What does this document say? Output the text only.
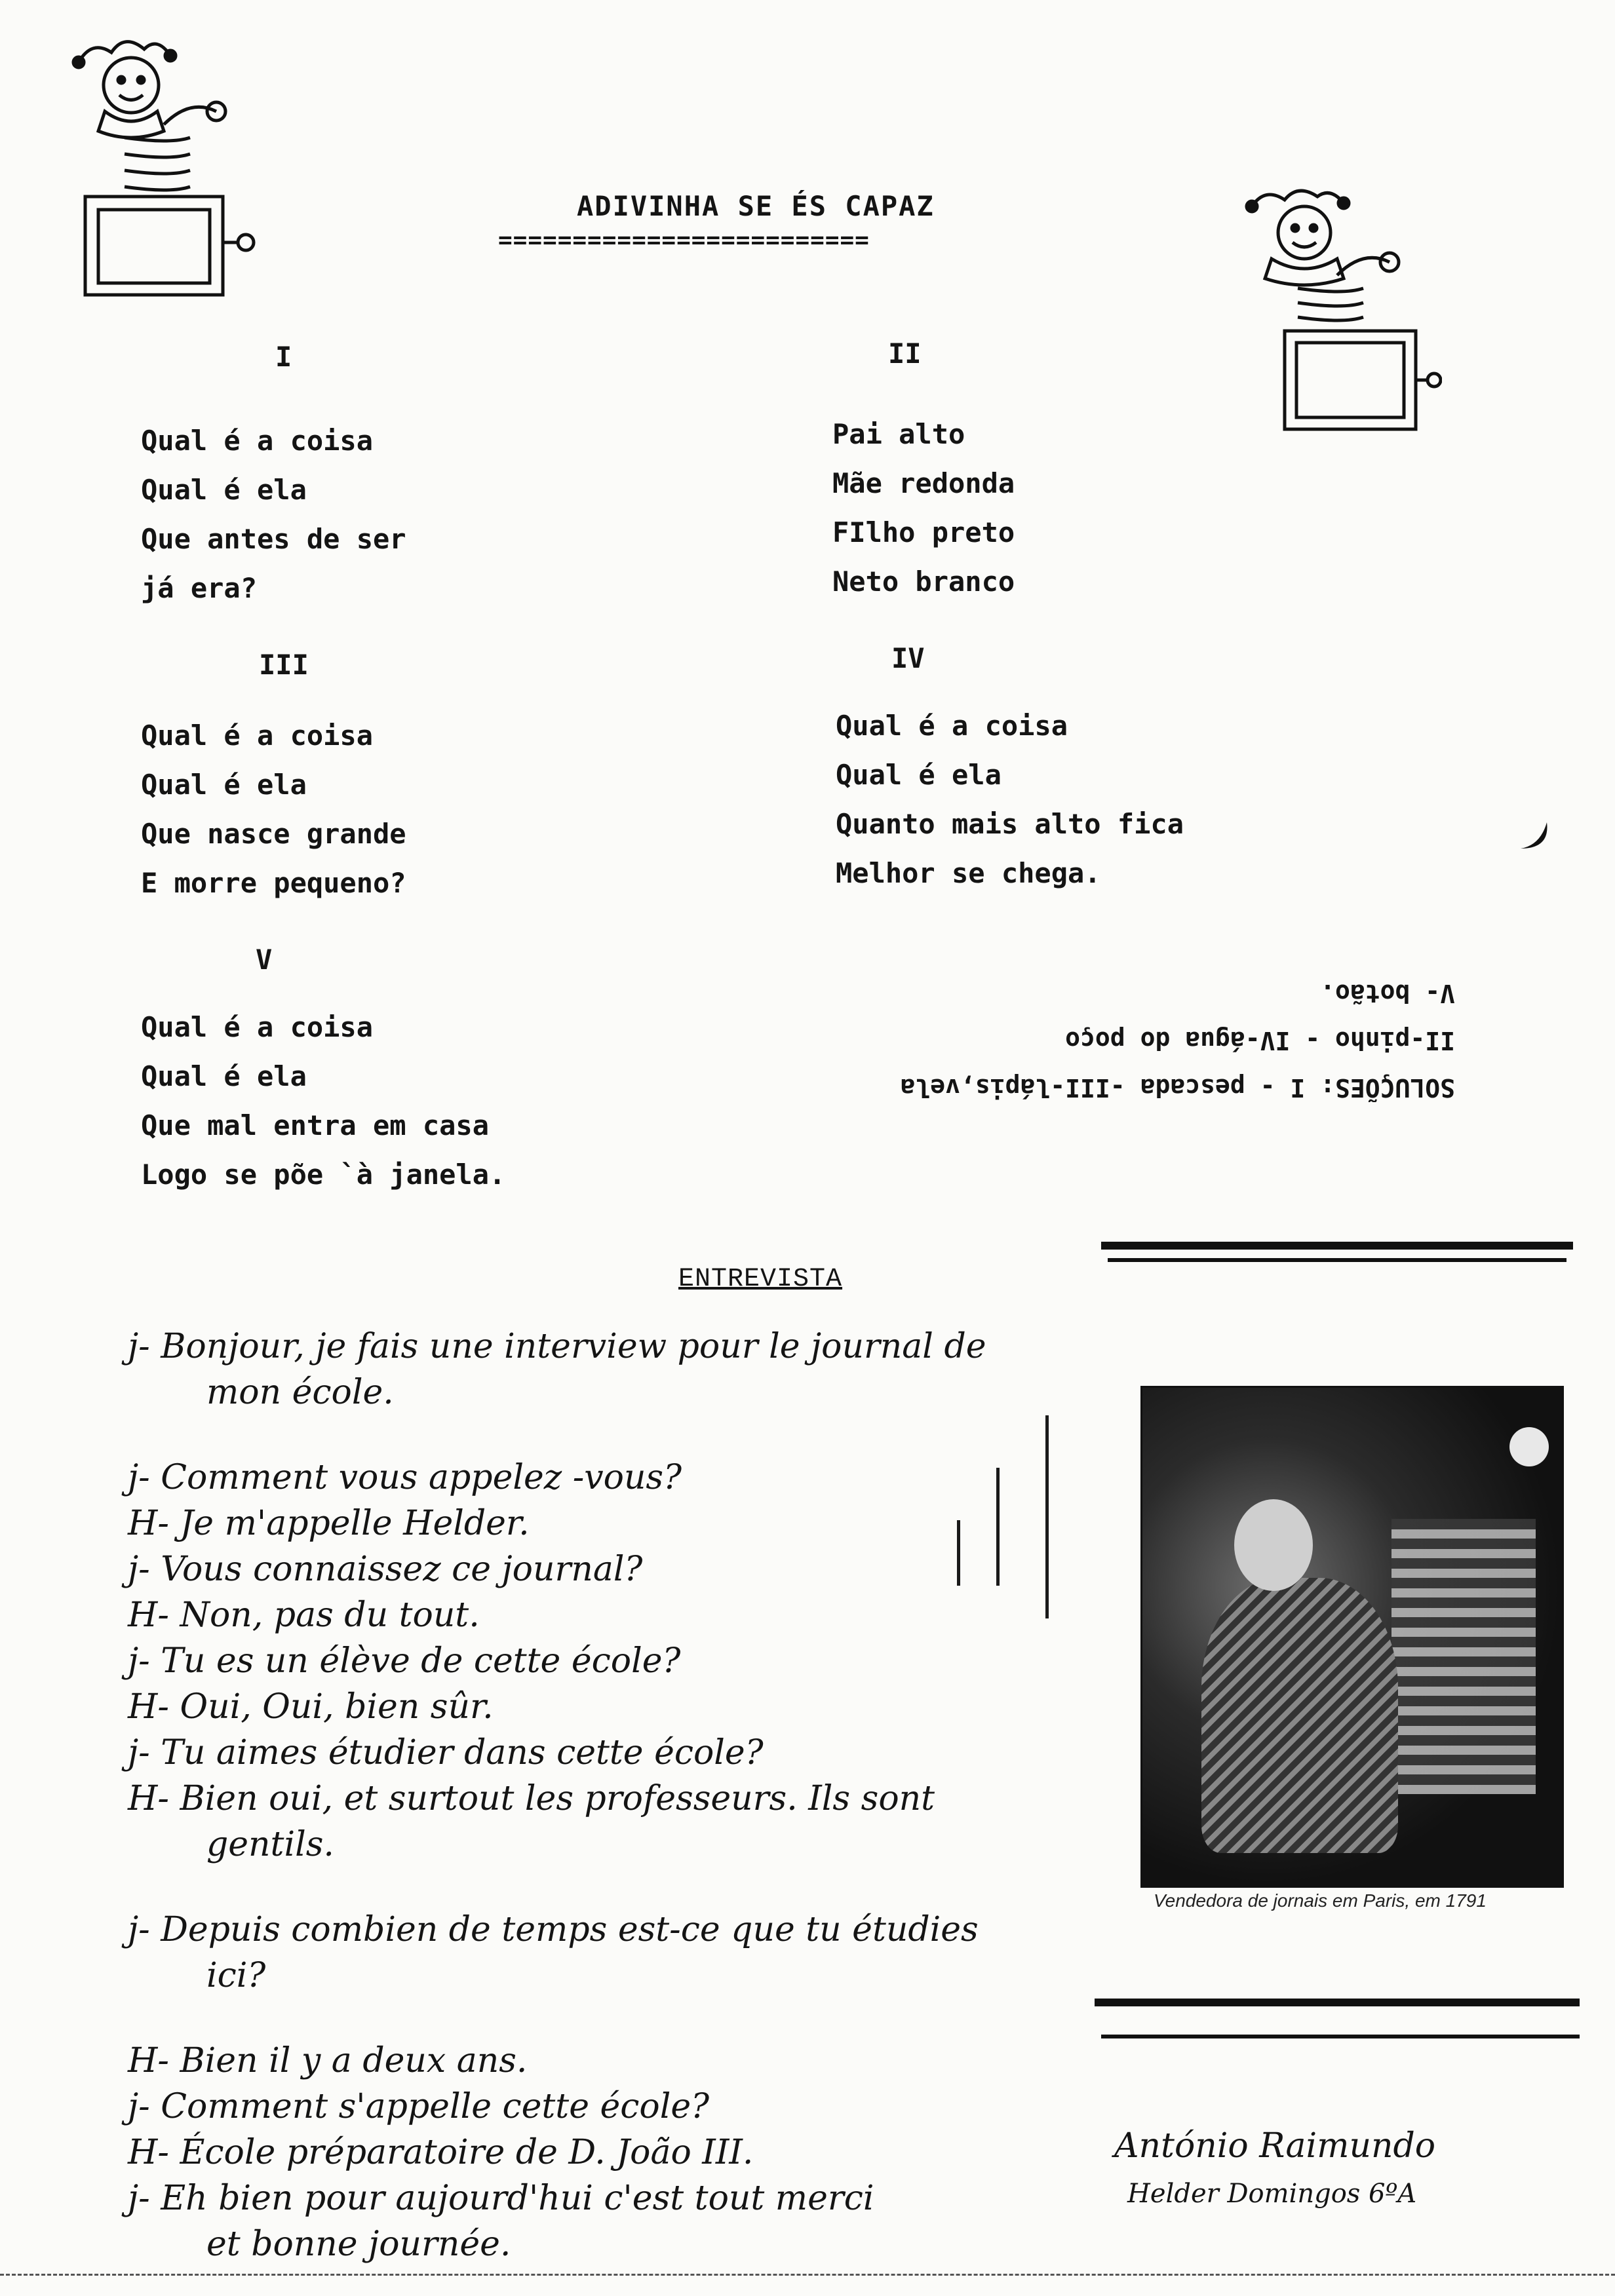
ADIVINHA SE ÉS CAPAZ
=========================
I
Qual é a coisa
Qual é ela
Que antes de ser
já era?
II
Pai alto
Mãe redonda
FIlho preto
Neto branco
III
Qual é a coisa
Qual é ela
Que nasce grande
E morre pequeno?
IV
Qual é a coisa
Qual é ela
Quanto mais alto fica
Melhor se chega.
V
Qual é a coisa
Qual é ela
Que mal entra em casa
Logo se põe `à janela.
SOLUÇÕES: I - pescada -III-lápis,vela
II-pinho - IV-água do poço
V- botão.
ENTREVISTA
j- Bonjour, je fais une interview pour le journal de
mon école.
j- Comment vous appelez -vous?
H- Je m'appelle Helder.
j- Vous connaissez ce journal?
H- Non, pas du tout.
j- Tu es un élève de cette école?
H- Oui, Oui, bien sûr.
j- Tu aimes étudier dans cette école?
H- Bien oui, et surtout les professeurs. Ils sont
gentils.
j- Depuis combien de temps est-ce que tu étudies
ici?
H- Bien il y a deux ans.
j- Comment s'appelle cette école?
H- École préparatoire de D. João III.
j- Eh bien pour aujourd'hui c'est tout merci
et bonne journée.
Vendedora de jornais em Paris, em 1791
António Raimundo
Helder Domingos 6ºA
